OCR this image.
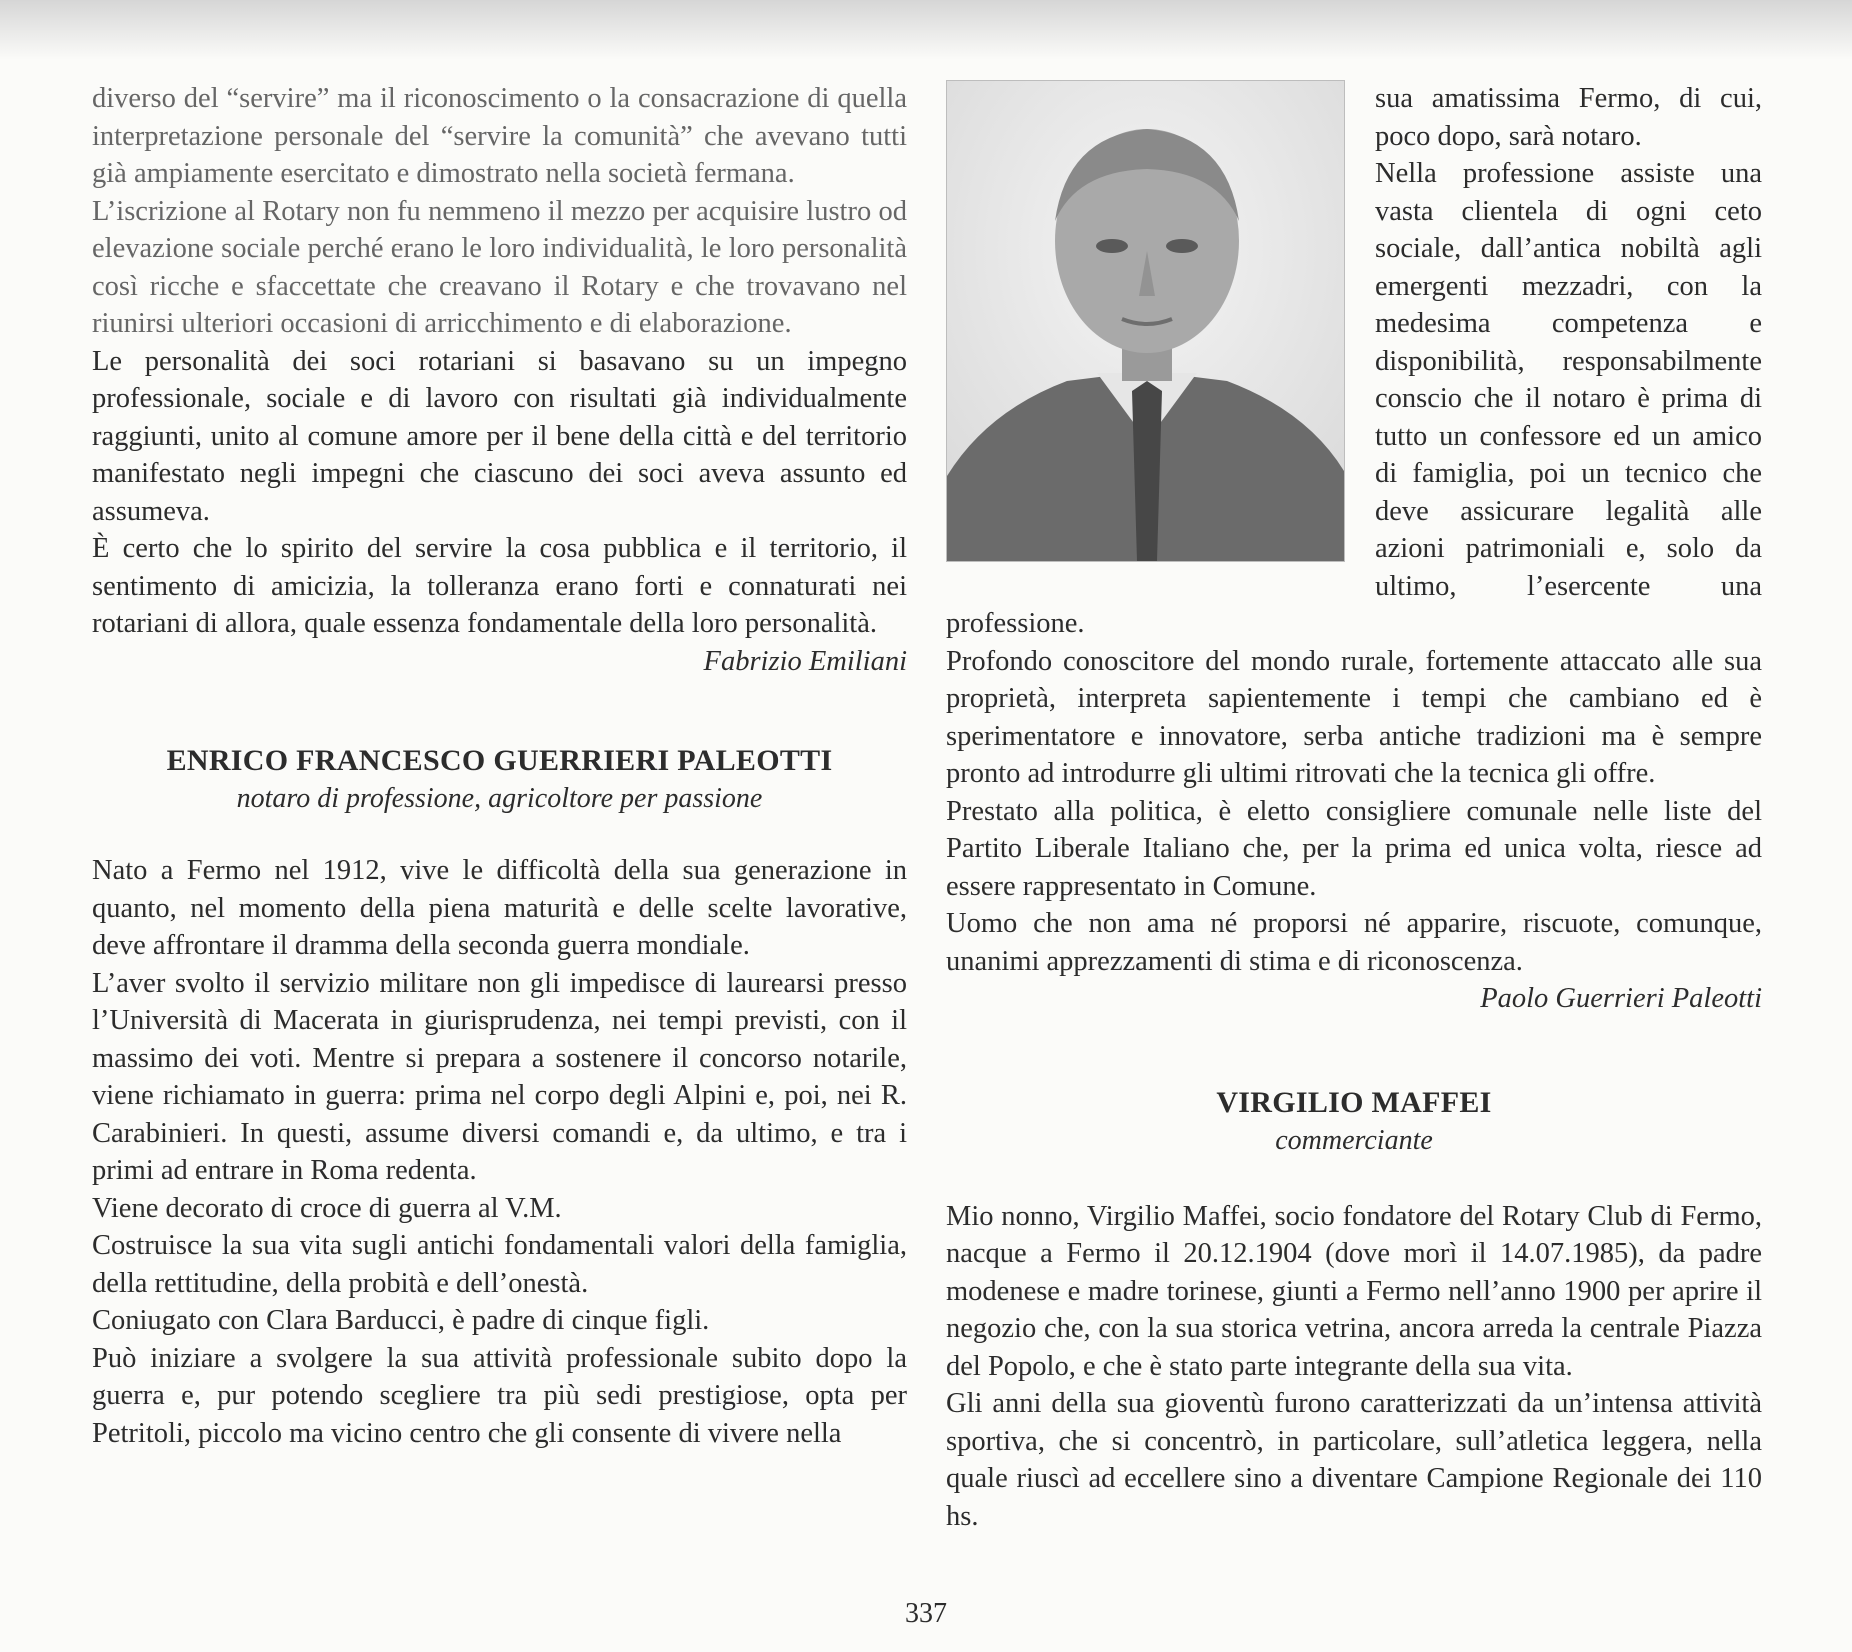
diverso del “servire” ma il riconoscimento o la consacrazione di quella interpretazione personale del “servire la comunità” che avevano tutti già ampiamente esercitato e dimostrato nella società fermana.

L’iscrizione al Rotary non fu nemmeno il mezzo per acquisire lustro od elevazione sociale perché erano le loro individualità, le loro personalità così ricche e sfaccettate che creavano il Rotary e che trovavano nel riunirsi ulteriori occasioni di arricchimento e di elaborazione.

Le personalità dei soci rotariani si basavano su un impegno professionale, sociale e di lavoro con risultati già individualmente raggiunti, unito al comune amore per il bene della città e del territorio manifestato negli impegni che ciascuno dei soci aveva assunto ed assumeva.

È certo che lo spirito del servire la cosa pubblica e il territorio, il sentimento di amicizia, la tolleranza erano forti e connaturati nei rotariani di allora, quale essenza fondamentale della loro personalità.

Fabrizio Emiliani

ENRICO FRANCESCO GUERRIERI PALEOTTI

notaro di professione, agricoltore per passione

Nato a Fermo nel 1912, vive le difficoltà della sua generazione in quanto, nel momento della piena maturità e delle scelte lavorative, deve affrontare il dramma della seconda guerra mondiale.

L’aver svolto il servizio militare non gli impedisce di laurearsi presso l’Università di Macerata in giurisprudenza, nei tempi previsti, con il massimo dei voti. Mentre si prepara a sostenere il concorso notarile, viene richiamato in guerra: prima nel corpo degli Alpini e, poi, nei R. Carabinieri. In questi, assume diversi comandi e, da ultimo, e tra i primi ad entrare in Roma redenta.

Viene decorato di croce di guerra al V.M.

Costruisce la sua vita sugli antichi fondamentali valori della famiglia, della rettitudine, della probità e dell’onestà.

Coniugato con Clara Barducci, è padre di cinque figli.

Può iniziare a svolgere la sua attività professionale subito dopo la guerra e, pur potendo scegliere tra più sedi prestigiose, opta per Petritoli, piccolo ma vicino centro che gli consente di vivere nella

sua amatissima Fermo, di cui, poco dopo, sarà notaro.

Nella professione assiste una vasta clientela di ogni ceto sociale, dall’antica nobiltà agli emergenti mezzadri, con la medesima competenza e disponibilità, responsabilmente conscio che il notaro è prima di tutto un confessore ed un amico di famiglia, poi un tecnico che deve assicurare legalità alle azioni patrimoniali e, solo da ultimo, l’esercente una professione.

Profondo conoscitore del mondo rurale, fortemente attaccato alle sua proprietà, interpreta sapientemente i tempi che cambiano ed è sperimentatore e innovatore, serba antiche tradizioni ma è sempre pronto ad introdurre gli ultimi ritrovati che la tecnica gli offre.

Prestato alla politica, è eletto consigliere comunale nelle liste del Partito Liberale Italiano che, per la prima ed unica volta, riesce ad essere rappresentato in Comune.

Uomo che non ama né proporsi né apparire, riscuote, comunque, unanimi apprezzamenti di stima e di riconoscenza.

Paolo Guerrieri Paleotti

VIRGILIO MAFFEI

commerciante

Mio nonno, Virgilio Maffei, socio fondatore del Rotary Club di Fermo, nacque a Fermo il 20.12.1904 (dove morì il 14.07.1985), da padre modenese e madre torinese, giunti a Fermo nell’anno 1900 per aprire il negozio che, con la sua storica vetrina, ancora arreda la centrale Piazza del Popolo, e che è stato parte integrante della sua vita.

Gli anni della sua gioventù furono caratterizzati da un’intensa attività sportiva, che si concentrò, in particolare, sull’atletica leggera, nella quale riuscì ad eccellere sino a diventare Campione Regionale dei 110 hs.

337
